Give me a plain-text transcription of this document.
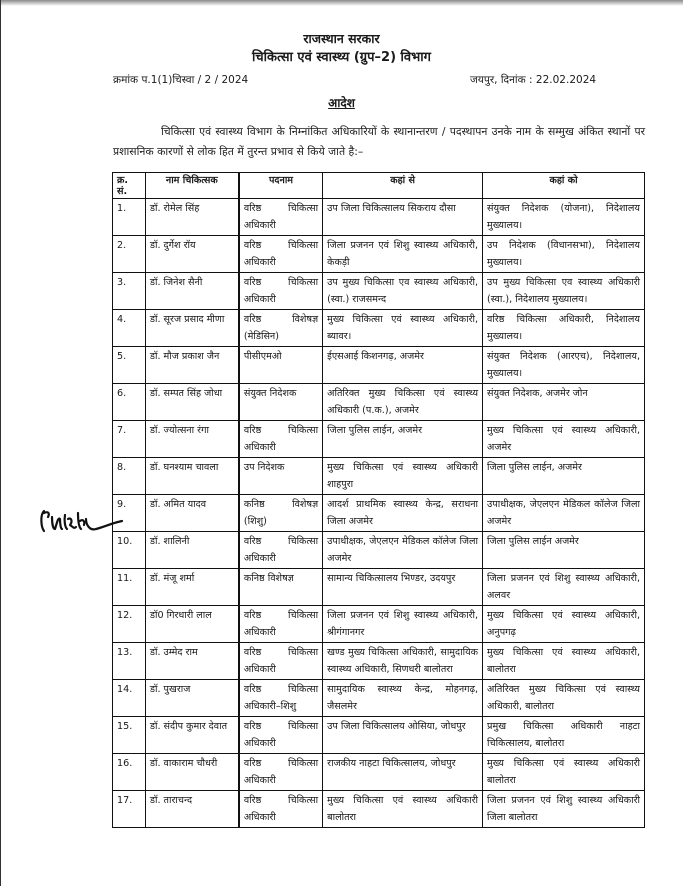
राजस्थान सरकार
चिकित्सा एवं स्वास्थ्य (ग्रुप–2) विभाग
क्रमांक प.1(1)चिस्वा / 2 / 2024	जयपुर, दिनांक : 22.02.2024
आदेश
चिकित्सा एवं स्वास्थ्य विभाग के निम्नांकित अधिकारियों के स्थानान्तरण / पदस्थापन उनके नाम के सम्मुख अंकित स्थानों पर प्रशासनिक कारणों से लोक हित में तुरन्त प्रभाव से किये जाते है:–
क्र. सं.	नाम चिकित्सक	पदनाम	कहां से	कहां को
1.	डॉ. रोमेल सिंह	वरिष्ठ चिकित्सा अधिकारी	उप जिला चिकित्सालय सिकराय दौसा	संयुक्त निदेशक (योजना), निदेशालय मुख्यालय।
2.	डॉ. दुर्गेश रॉय	वरिष्ठ चिकित्सा अधिकारी	जिला प्रजनन एवं शिशु स्वास्थ्य अधिकारी, केकड़ी	उप निदेशक (विधानसभा), निदेशालय मुख्यालय।
3.	डॉ. जिनेश सैनी	वरिष्ठ चिकित्सा अधिकारी	उप मुख्य चिकित्सा एव स्वास्थ्य अधिकारी, (स्वा.) राजसमन्द	उप मुख्य चिकित्सा एव स्वास्थ्य अधिकारी (स्वा.), निदेशालय मुख्यालय।
4.	डॉ. सूरज प्रसाद मीणा	वरिष्ठ विशेषज्ञ (मेडिसिन)	मुख्य चिकित्सा एवं स्वास्थ्य अधिकारी, ब्यावर।	वरिष्ठ चिकित्सा अधिकारी, निदेशालय मुख्यालय।
5.	डॉ. मौज प्रकाश जैन	पीसीएमओ	ईएसआई किशनगढ़, अजमेर	संयुक्त निदेशक (आरएच), निदेशालय, मुख्यालय।
6.	डॉ. सम्पत सिंह जोधा	संयुक्त निदेशक	अतिरिक्त मुख्य चिकित्सा एवं स्वास्थ्य अधिकारी (प.क.), अजमेर	संयुक्त निदेशक, अजमेर जोन
7.	डॉ. ज्योत्सना रंगा	वरिष्ठ चिकित्सा अधिकारी	जिला पुलिस लाईन, अजमेर	मुख्य चिकित्सा एवं स्वास्थ्य अधिकारी, अजमेर
8.	डॉ. घनश्याम चावला	उप निदेशक	मुख्य चिकित्सा एवं स्वास्थ्य अधिकारी शाहपुरा	जिला पुलिस लाईन, अजमेर
9.	डॉ. अमित यादव	कनिष्ठ विशेषज्ञ (शिशु)	आदर्श प्राथमिक स्वास्थ्य केन्द्र, सराधना जिला अजमेर	उपाधीक्षक, जेएलएन मेडिकल कॉलेज जिला अजमेर
10.	डॉ. शालिनी	वरिष्ठ चिकित्सा अधिकारी	उपाधीक्षक, जेएलएन मेडिकल कॉलेज जिला अजमेर	जिला पुलिस लाईन अजमेर
11.	डॉ. मंजू शर्मा	कनिष्ठ विशेषज्ञ	सामान्य चिकित्सालय भिण्डर, उदयपुर	जिला प्रजनन एवं शिशु स्वास्थ्य अधिकारी, अलवर
12.	डॉ0 गिरधारी लाल	वरिष्ठ चिकित्सा अधिकारी	जिला प्रजनन एवं शिशु स्वास्थ्य अधिकारी, श्रीगंगानगर	मुख्य चिकित्सा एवं स्वास्थ्य अधिकारी, अनुपगढ़
13.	डॉ. उम्मेद राम	वरिष्ठ चिकित्सा अधिकारी	खण्ड मुख्य चिकित्सा अधिकारी, सामुदायिक स्वास्थ्य अधिकारी, सिणधरी बालोतरा	मुख्य चिकित्सा एवं स्वास्थ्य अधिकारी, बालोतरा
14.	डॉ. पुखराज	वरिष्ठ चिकित्सा अधिकारी–शिशु	सामुदायिक स्वास्थ्य केन्द्र, मोहनगढ़, जैसलमेर	अतिरिक्त मुख्य चिकित्सा एवं स्वास्थ्य अधिकारी, बालोतरा
15.	डॉ. संदीप कुमार देवात	वरिष्ठ चिकित्सा अधिकारी	उप जिला चिकित्सालय ओसिया, जोधपुर	प्रमुख चिकित्सा अधिकारी नाहटा चिकित्सालय, बालोतरा
16.	डॉ. वाकाराम चौधरी	वरिष्ठ चिकित्सा अधिकारी	राजकीय नाहटा चिकित्सालय, जोधपुर	मुख्य चिकित्सा एवं स्वास्थ्य अधिकारी बालोतरा
17.	डॉ. ताराचन्द	वरिष्ठ चिकित्सा अधिकारी	मुख्य चिकित्सा एवं स्वास्थ्य अधिकारी बालोतरा	जिला प्रजनन एवं शिशु स्वास्थ्य अधिकारी जिला बालोतरा
